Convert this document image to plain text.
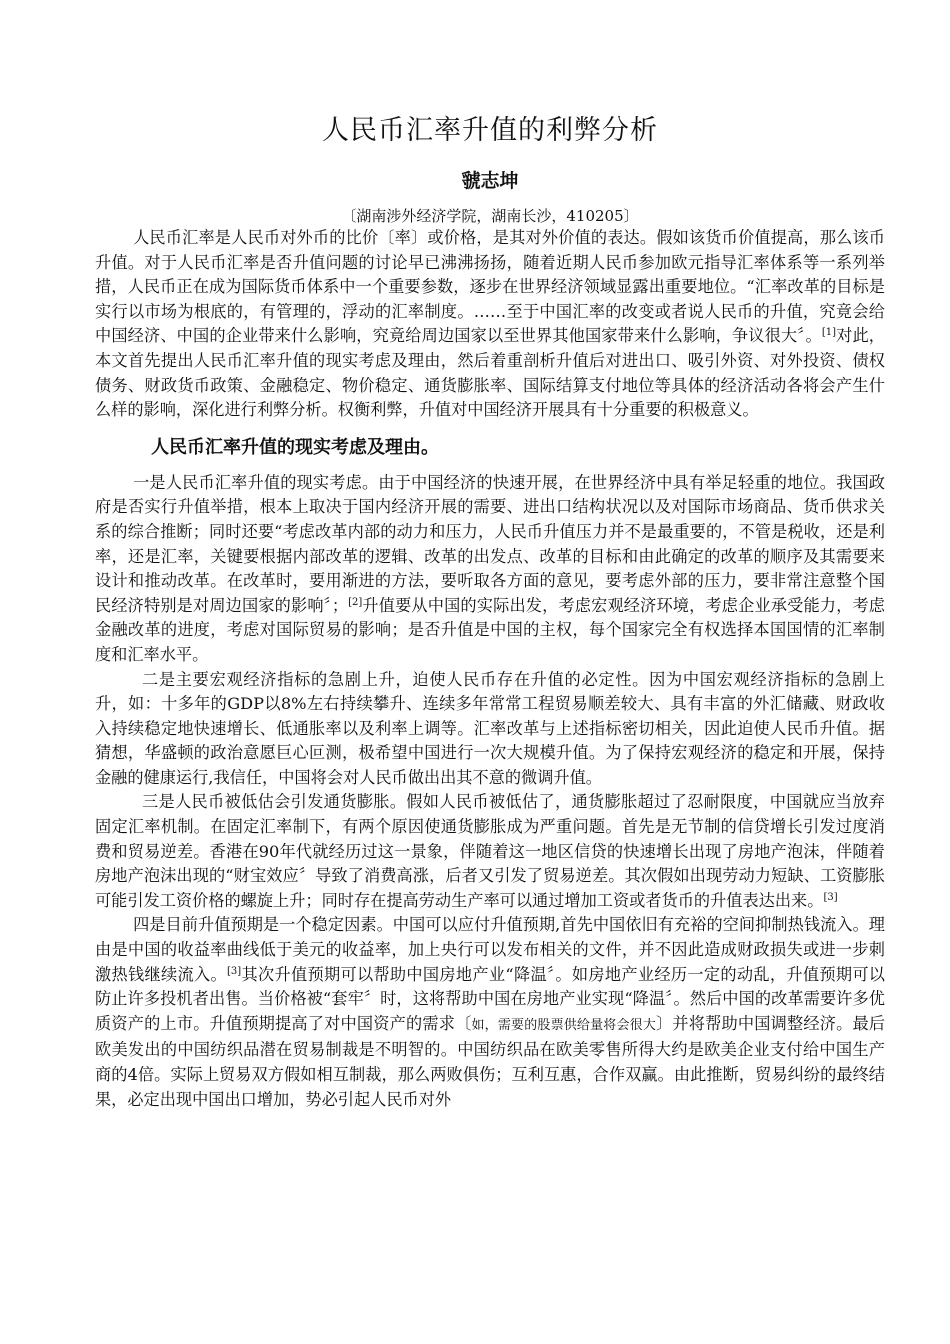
人民币汇率升值的利弊分析
虢志坤
〔湖南涉外经济学院，湖南长沙，410205〕

人民币汇率是人民币对外币的比价〔率〕或价格，是其对外价值的表达。假如该货币价值提高，那么该币升值。对于人民币汇率是否升值问题的讨论早已沸沸扬扬，随着近期人民币参加欧元指导汇率体系等一系列举措，人民币正在成为国际货币体系中一个重要参数，逐步在世界经济领域显露出重要地位。“汇率改革的目标是实行以市场为根底的，有管理的，浮动的汇率制度。……至于中国汇率的改变或者说人民币的升值，究竟会给中国经济、中国的企业带来什么影响，究竟给周边国家以至世界其他国家带来什么影响，争议很大〞。[1]对此，本文首先提出人民币汇率升值的现实考虑及理由，然后着重剖析升值后对进出口、吸引外资、对外投资、债权债务、财政货币政策、金融稳定、物价稳定、通货膨胀率、国际结算支付地位等具体的经济活动各将会产生什么样的影响，深化进行利弊分析。权衡利弊，升值对中国经济开展具有十分重要的积极意义。

人民币汇率升值的现实考虑及理由。

一是人民币汇率升值的现实考虑。由于中国经济的快速开展，在世界经济中具有举足轻重的地位。我国政府是否实行升值举措，根本上取决于国内经济开展的需要、进出口结构状况以及对国际市场商品、货币供求关系的综合推断；同时还要“考虑改革内部的动力和压力，人民币升值压力并不是最重要的，不管是税收，还是利率，还是汇率，关键要根据内部改革的逻辑、改革的出发点、改革的目标和由此确定的改革的顺序及其需要来设计和推动改革。在改革时，要用渐进的方法，要听取各方面的意见，要考虑外部的压力，要非常注意整个国民经济特别是对周边国家的影响〞；[2]升值要从中国的实际出发，考虑宏观经济环境，考虑企业承受能力，考虑金融改革的进度，考虑对国际贸易的影响；是否升值是中国的主权，每个国家完全有权选择本国国情的汇率制度和汇率水平。

二是主要宏观经济指标的急剧上升，迫使人民币存在升值的必定性。因为中国宏观经济指标的急剧上升，如：十多年的GDP以8%左右持续攀升、连续多年常常工程贸易顺差较大、具有丰富的外汇储藏、财政收入持续稳定地快速增长、低通胀率以及利率上调等。汇率改革与上述指标密切相关，因此迫使人民币升值。据猜想，华盛顿的政治意愿巨心叵测，极希望中国进行一次大规模升值。为了保持宏观经济的稳定和开展，保持金融的健康运行,我信任，中国将会对人民币做出出其不意的微调升值。

三是人民币被低估会引发通货膨胀。假如人民币被低估了，通货膨胀超过了忍耐限度，中国就应当放弃固定汇率机制。在固定汇率制下，有两个原因使通货膨胀成为严重问题。首先是无节制的信贷增长引发过度消费和贸易逆差。香港在90年代就经历过这一景象，伴随着这一地区信贷的快速增长出现了房地产泡沫，伴随着房地产泡沫出现的“财宝效应〞导致了消费高涨，后者又引发了贸易逆差。其次假如出现劳动力短缺、工资膨胀可能引发工资价格的螺旋上升；同时存在提高劳动生产率可以通过增加工资或者货币的升值表达出来。[3]

四是目前升值预期是一个稳定因素。中国可以应付升值预期,首先中国依旧有充裕的空间抑制热钱流入。理由是中国的收益率曲线低于美元的收益率，加上央行可以发布相关的文件，并不因此造成财政损失或进一步刺激热钱继续流入。[3]其次升值预期可以帮助中国房地产业“降温〞。如房地产业经历一定的动乱，升值预期可以防止许多投机者出售。当价格被“套牢〞时，这将帮助中国在房地产业实现“降温〞。然后中国的改革需要许多优质资产的上市。升值预期提高了对中国资产的需求〔如，需要的股票供给量将会很大〕并将帮助中国调整经济。最后欧美发出的中国纺织品潜在贸易制裁是不明智的。中国纺织品在欧美零售所得大约是欧美企业支付给中国生产商的4倍。实际上贸易双方假如相互制裁，那么两败俱伤；互利互惠，合作双赢。由此推断，贸易纠纷的最终结果，必定出现中国出口增加，势必引起人民币对外
